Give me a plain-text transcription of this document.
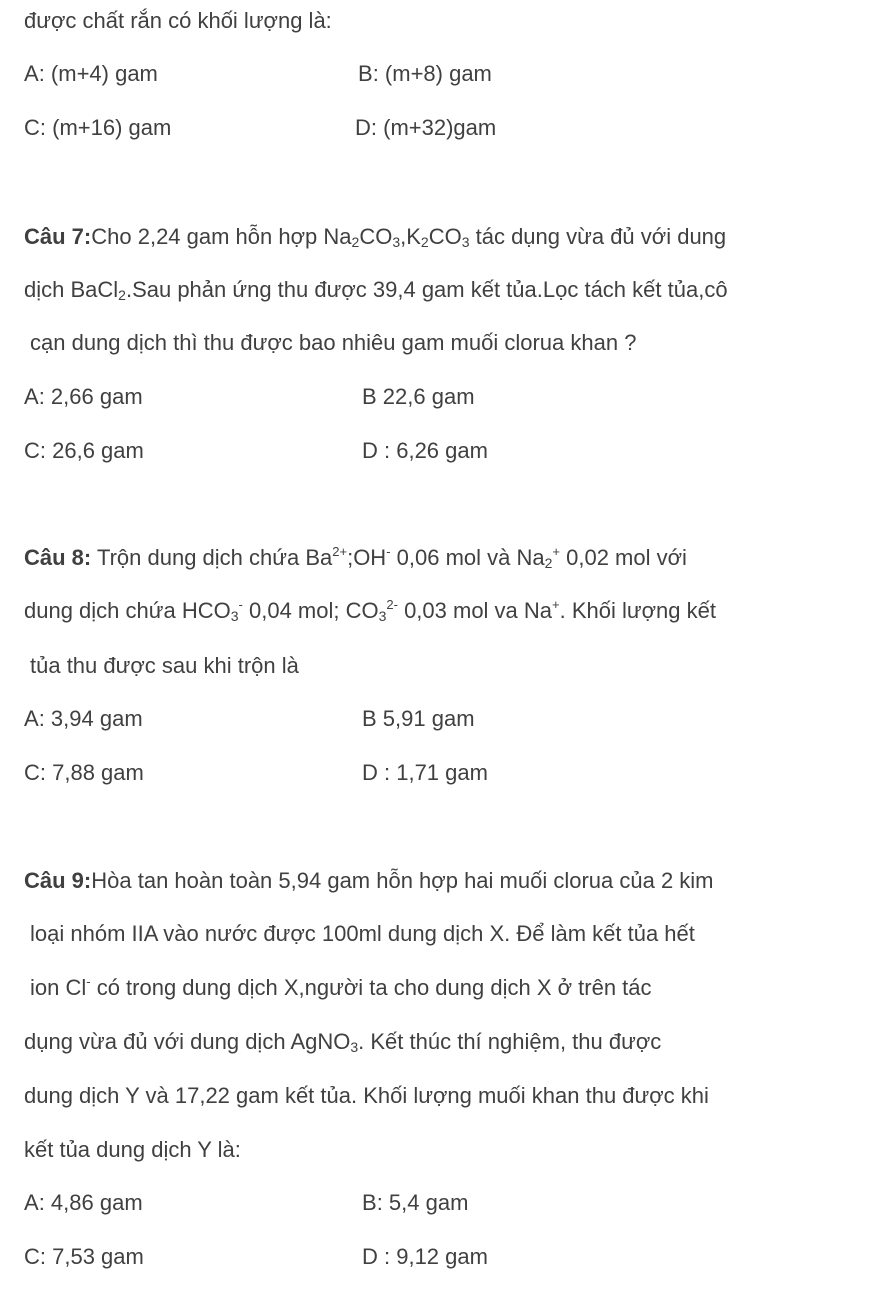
được chất rắn có khối lượng là:
A: (m+4) gam	B: (m+8) gam
C: (m+16) gam	D: (m+32)gam
Câu 7:Cho 2,24 gam hỗn hợp $Na_2CO_3,K_2CO_3$ tác dụng vừa đủ với dung
dịch BaCl$_2$.Sau phản ứng thu được 39,4 gam kết tủa.Lọc tách kết tủa,cô
cạn dung dịch thì thu được bao nhiêu gam muối clorua khan ?
A: 2,66 gam	B 22,6 gam
C: 26,6 gam	D : 6,26 gam
Câu 8: Trộn dung dịch chứa $Ba^{2+};OH^-$ 0,06 mol và $Na_2^+$ 0,02 mol với
dung dịch chứa $HCO_3^-$ 0,04 mol; $CO_3^{2-}$ 0,03 mol va Na+. Khối lượng kết
tủa thu được sau khi trộn là
A: 3,94 gam	B 5,91 gam
C: 7,88 gam	D : 1,71 gam
Câu 9:Hòa tan hoàn toàn 5,94 gam hỗn hợp hai muối clorua của 2 kim
loại nhóm IIA vào nước được 100ml dung dịch X. Để làm kết tủa hết
ion Cl- có trong dung dịch X,người ta cho dung dịch X ở trên tác
dụng vừa đủ với dung dịch AgNO$_3$. Kết thúc thí nghiệm, thu được
dung dịch Y và 17,22 gam kết tủa. Khối lượng muối khan thu được khi
kết tủa dung dịch Y là:
A: 4,86 gam	B: 5,4 gam
C: 7,53 gam	D : 9,12 gam
